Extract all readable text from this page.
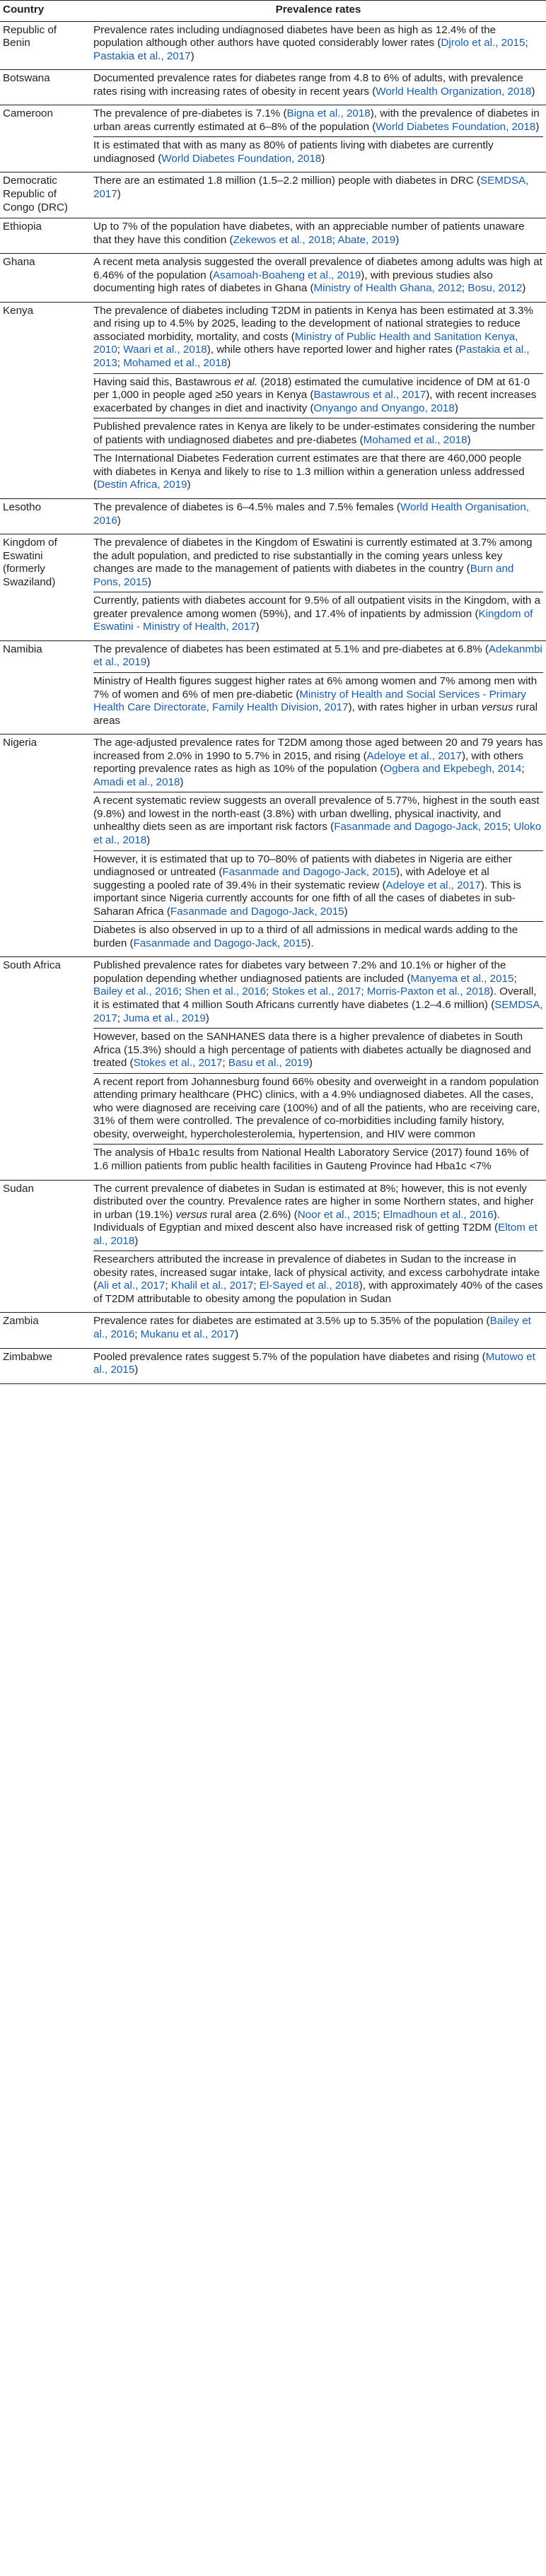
Country	Prevalence rates
Republic of Benin	Prevalence rates including undiagnosed diabetes have been as high as 12.4% of the population although other authors have quoted considerably lower rates (Djrolo et al., 2015; Pastakia et al., 2017)

Botswana	Documented prevalence rates for diabetes range from 4.8 to 6% of adults, with prevalence rates rising with increasing rates of obesity in recent years (World Health Organization, 2018)

Cameroon	The prevalence of pre-diabetes is 7.1% (Bigna et al., 2018), with the prevalence of diabetes in urban areas currently estimated at 6–8% of the population (World Diabetes Foundation, 2018)
It is estimated that with as many as 80% of patients living with diabetes are currently undiagnosed (World Diabetes Foundation, 2018)

Democratic Republic of Congo (DRC)	There are an estimated 1.8 million (1.5–2.2 million) people with diabetes in DRC (SEMDSA, 2017)

Ethiopia	Up to 7% of the population have diabetes, with an appreciable number of patients unaware that they have this condition (Zekewos et al., 2018; Abate, 2019)

Ghana	A recent meta analysis suggested the overall prevalence of diabetes among adults was high at 6.46% of the population (Asamoah-Boaheng et al., 2019), with previous studies also documenting high rates of diabetes in Ghana (Ministry of Health Ghana, 2012; Bosu, 2012)

Kenya	The prevalence of diabetes including T2DM in patients in Kenya has been estimated at 3.3% and rising up to 4.5% by 2025, leading to the development of national strategies to reduce associated morbidity, mortality, and costs (Ministry of Public Health and Sanitation Kenya, 2010; Waari et al., 2018), while others have reported lower and higher rates (Pastakia et al., 2013; Mohamed et al., 2018)
Having said this, Bastawrous et al. (2018) estimated the cumulative incidence of DM at 61·0 per 1,000 in people aged ≥50 years in Kenya (Bastawrous et al., 2017), with recent increases exacerbated by changes in diet and inactivity (Onyango and Onyango, 2018)
Published prevalence rates in Kenya are likely to be under-estimates considering the number of patients with undiagnosed diabetes and pre-diabetes (Mohamed et al., 2018)
The International Diabetes Federation current estimates are that there are 460,000 people with diabetes in Kenya and likely to rise to 1.3 million within a generation unless addressed (Destin Africa, 2019)

Lesotho	The prevalence of diabetes is 6–4.5% males and 7.5% females (World Health Organisation, 2016)

Kingdom of Eswatini (formerly Swaziland)	The prevalence of diabetes in the Kingdom of Eswatini is currently estimated at 3.7% among the adult population, and predicted to rise substantially in the coming years unless key changes are made to the management of patients with diabetes in the country (Burn and Pons, 2015)
Currently, patients with diabetes account for 9.5% of all outpatient visits in the Kingdom, with a greater prevalence among women (59%), and 17.4% of inpatients by admission (Kingdom of Eswatini - Ministry of Health, 2017)

Namibia	The prevalence of diabetes has been estimated at 5.1% and pre-diabetes at 6.8% (Adekanmbi et al., 2019)
Ministry of Health figures suggest higher rates at 6% among women and 7% among men with 7% of women and 6% of men pre-diabetic (Ministry of Health and Social Services - Primary Health Care Directorate, Family Health Division, 2017), with rates higher in urban versus rural areas

Nigeria	The age-adjusted prevalence rates for T2DM among those aged between 20 and 79 years has increased from 2.0% in 1990 to 5.7% in 2015, and rising (Adeloye et al., 2017), with others reporting prevalence rates as high as 10% of the population (Ogbera and Ekpebegh, 2014; Amadi et al., 2018)
A recent systematic review suggests an overall prevalence of 5.77%, highest in the south east (9.8%) and lowest in the north-east (3.8%) with urban dwelling, physical inactivity, and unhealthy diets seen as are important risk factors (Fasanmade and Dagogo-Jack, 2015; Uloko et al., 2018)
However, it is estimated that up to 70–80% of patients with diabetes in Nigeria are either undiagnosed or untreated (Fasanmade and Dagogo-Jack, 2015), with Adeloye et al suggesting a pooled rate of 39.4% in their systematic review (Adeloye et al., 2017). This is important since Nigeria currently accounts for one fifth of all the cases of diabetes in sub-Saharan Africa (Fasanmade and Dagogo-Jack, 2015)
Diabetes is also observed in up to a third of all admissions in medical wards adding to the burden (Fasanmade and Dagogo-Jack, 2015).

South Africa	Published prevalence rates for diabetes vary between 7.2% and 10.1% or higher of the population depending whether undiagnosed patients are included (Manyema et al., 2015; Bailey et al., 2016; Shen et al., 2016; Stokes et al., 2017; Morris-Paxton et al., 2018). Overall, it is estimated that 4 million South Africans currently have diabetes (1.2–4.6 million) (SEMDSA, 2017; Juma et al., 2019)
However, based on the SANHANES data there is a higher prevalence of diabetes in South Africa (15.3%) should a high percentage of patients with diabetes actually be diagnosed and treated (Stokes et al., 2017; Basu et al., 2019)
A recent report from Johannesburg found 66% obesity and overweight in a random population attending primary healthcare (PHC) clinics, with a 4.9% undiagnosed diabetes. All the cases, who were diagnosed are receiving care (100%) and of all the patients, who are receiving care, 31% of them were controlled. The prevalence of co-morbidities including family history, obesity, overweight, hypercholesterolemia, hypertension, and HIV were common
The analysis of Hba1c results from National Health Laboratory Service (2017) found 16% of 1.6 million patients from public health facilities in Gauteng Province had Hba1c <7%

Sudan	The current prevalence of diabetes in Sudan is estimated at 8%; however, this is not evenly distributed over the country. Prevalence rates are higher in some Northern states, and higher in urban (19.1%) versus rural area (2.6%) (Noor et al., 2015; Elmadhoun et al., 2016). Individuals of Egyptian and mixed descent also have increased risk of getting T2DM (Eltom et al., 2018)
Researchers attributed the increase in prevalence of diabetes in Sudan to the increase in obesity rates, increased sugar intake, lack of physical activity, and excess carbohydrate intake (Ali et al., 2017; Khalil et al., 2017; El-Sayed et al., 2018), with approximately 40% of the cases of T2DM attributable to obesity among the population in Sudan

Zambia	Prevalence rates for diabetes are estimated at 3.5% up to 5.35% of the population (Bailey et al., 2016; Mukanu et al., 2017)

Zimbabwe	Pooled prevalence rates suggest 5.7% of the population have diabetes and rising (Mutowo et al., 2015)
